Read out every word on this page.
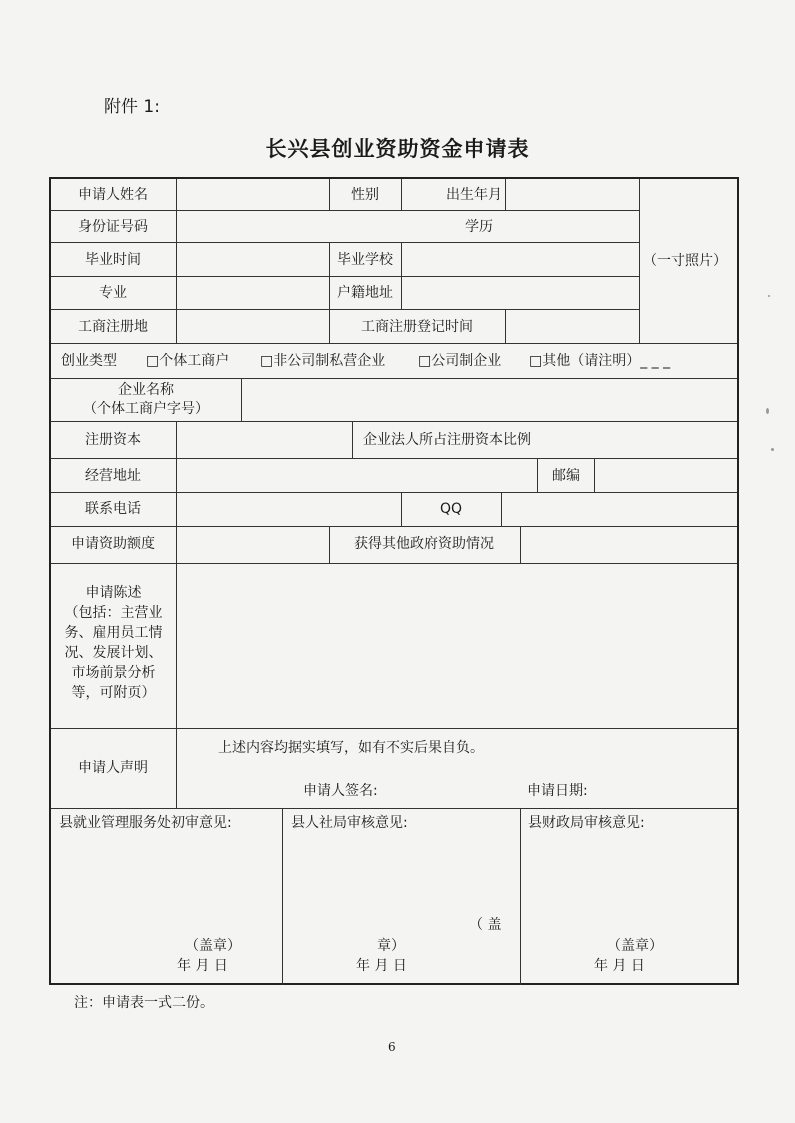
附件 1:
长兴县创业资助资金申请表
申请人姓名	性别	出生年月
身份证号码	学历
毕业时间	毕业学校	（一寸照片）
专业	户籍地址
工商注册地	工商注册登记时间
创业类型 □个体工商户 □非公司制私营企业 □公司制企业 □其他（请注明）_ _ _
企业名称
（个体工商户字号）
注册资本	企业法人所占注册资本比例
经营地址	邮编
联系电话	QQ
申请资助额度	获得其他政府资助情况
申请陈述
（包括：主营业
务、雇用员工情
况、发展计划、
市场前景分析
等，可附页）
申请人声明
上述内容均据实填写，如有不实后果自负。
申请人签名:	申请日期:
县就业管理服务处初审意见:	县人社局审核意见:	县财政局审核意见:
（盖章）
年 月 日
（ 盖
章）
年 月 日
（盖章）
年 月 日
注：申请表一式二份。
6
